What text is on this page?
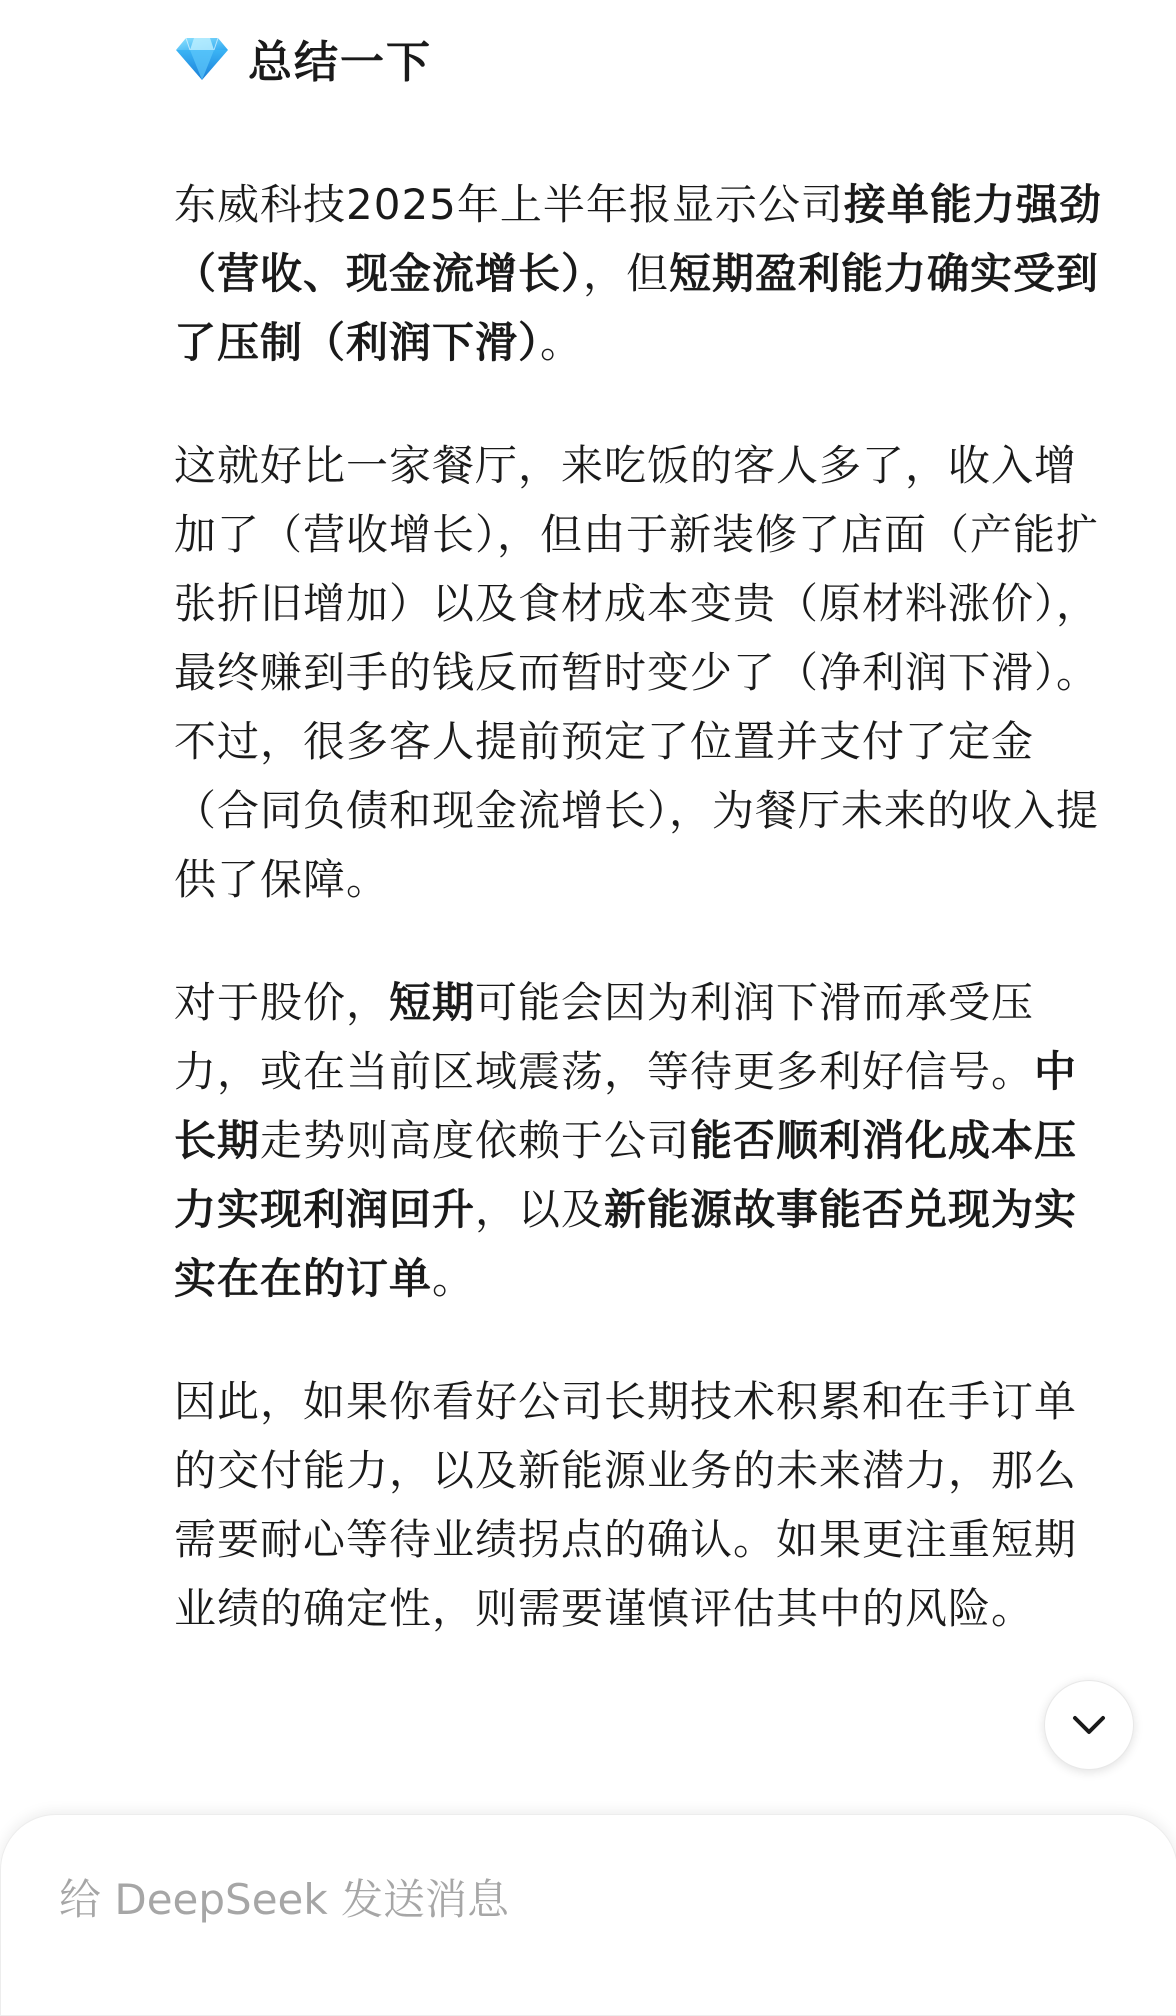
总结一下

东威科技2025年上半年报显示公司接单能力强劲（营收、现金流增长），但短期盈利能力确实受到了压制（利润下滑）。

这就好比一家餐厅，来吃饭的客人多了，收入增加了（营收增长），但由于新装修了店面（产能扩张折旧增加）以及食材成本变贵（原材料涨价），最终赚到手的钱反而暂时变少了（净利润下滑）。不过，很多客人提前预定了位置并支付了定金（合同负债和现金流增长），为餐厅未来的收入提供了保障。

对于股价，短期可能会因为利润下滑而承受压力，或在当前区域震荡，等待更多利好信号。中长期走势则高度依赖于公司能否顺利消化成本压力实现利润回升，以及新能源故事能否兑现为实实在在的订单。

因此，如果你看好公司长期技术积累和在手订单的交付能力，以及新能源业务的未来潜力，那么需要耐心等待业绩拐点的确认。如果更注重短期业绩的确定性，则需要谨慎评估其中的风险。

给 DeepSeek 发送消息
